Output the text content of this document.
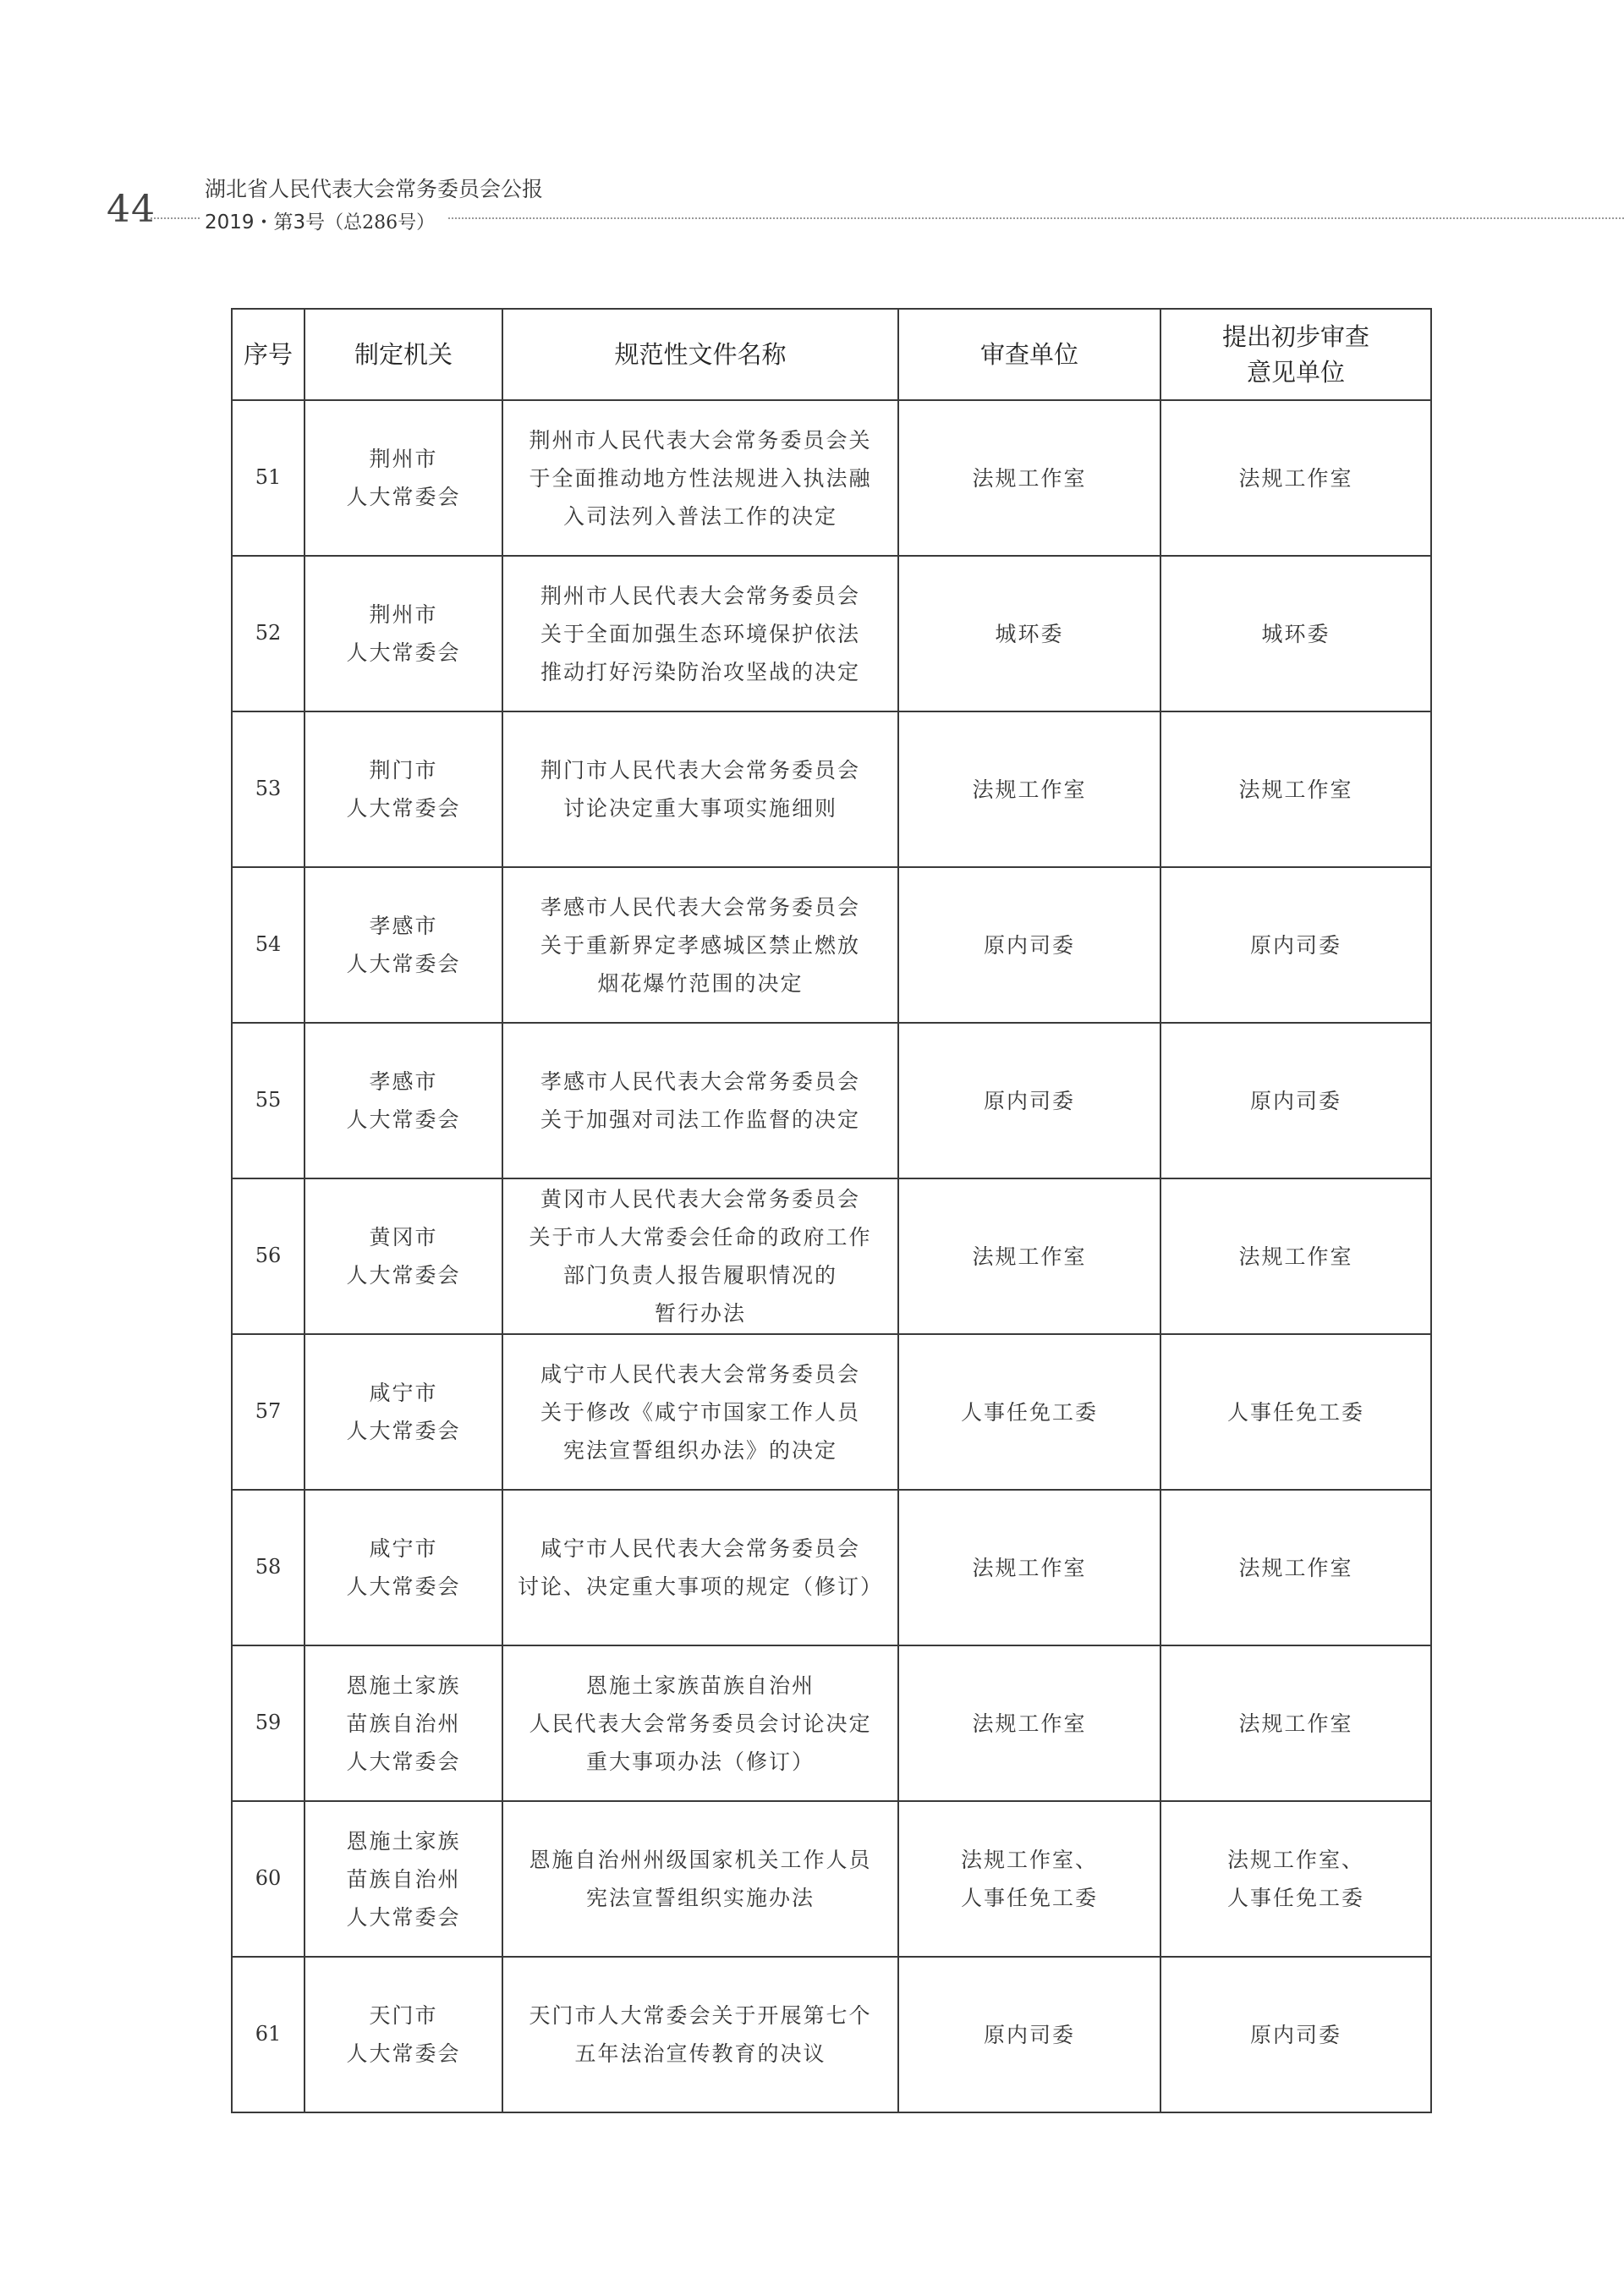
44 湖北省人民代表大会常务委员会公报
2019・第3号（总286号）
序号	制定机关	规范性文件名称	审查单位	提出初步审查
意见单位
51	荆州市
人大常委会	荆州市人民代表大会常务委员会关
于全面推动地方性法规进入执法融
入司法列入普法工作的决定	法规工作室	法规工作室

52	荆州市
人大常委会	荆州市人民代表大会常务委员会
关于全面加强生态环境保护依法
推动打好污染防治攻坚战的决定	城环委	城环委

53	荆门市
人大常委会	荆门市人民代表大会常务委员会
讨论决定重大事项实施细则	法规工作室	法规工作室

54	孝感市
人大常委会	孝感市人民代表大会常务委员会
关于重新界定孝感城区禁止燃放
烟花爆竹范围的决定	原内司委	原内司委

55	孝感市
人大常委会	孝感市人民代表大会常务委员会
关于加强对司法工作监督的决定	原内司委	原内司委

56	黄冈市
人大常委会	黄冈市人民代表大会常务委员会
关于市人大常委会任命的政府工作
部门负责人报告履职情况的
暂行办法	法规工作室	法规工作室

57	咸宁市
人大常委会	咸宁市人民代表大会常务委员会
关于修改《咸宁市国家工作人员
宪法宣誓组织办法》的决定	人事任免工委	人事任免工委

58	咸宁市
人大常委会	咸宁市人民代表大会常务委员会
讨论、决定重大事项的规定（修订）	法规工作室	法规工作室

59	恩施土家族
苗族自治州
人大常委会	恩施土家族苗族自治州
人民代表大会常务委员会讨论决定
重大事项办法（修订）	法规工作室	法规工作室

60	恩施土家族
苗族自治州
人大常委会	恩施自治州州级国家机关工作人员
宪法宣誓组织实施办法	法规工作室、
人事任免工委	法规工作室、
人事任免工委

61	天门市
人大常委会	天门市人大常委会关于开展第七个
五年法治宣传教育的决议	原内司委	原内司委
